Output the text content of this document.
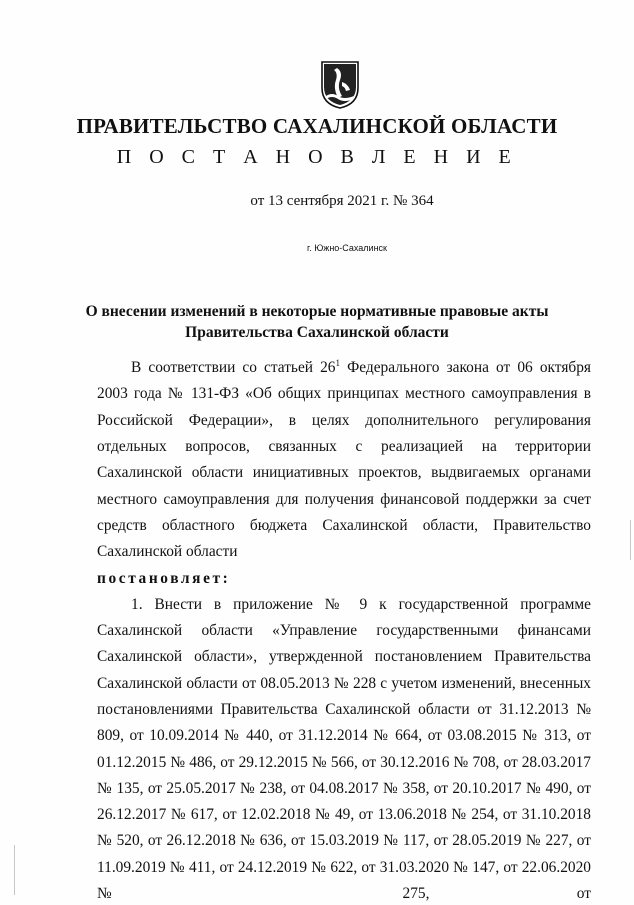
ПРАВИТЕЛЬСТВО САХАЛИНСКОЙ ОБЛАСТИ
П О С Т А Н О В Л Е Н И Е
от 13 сентября 2021 г. № 364
г. Южно-Сахалинск
О внесении изменений в некоторые нормативные правовые акты
Правительства Сахалинской области

В соответствии со статьей $26^1$ Федерального закона от 06 октября 2003 года № 131-ФЗ «Об общих принципах местного самоуправления в Российской Федерации», в целях дополнительного регулирования отдельных вопросов, связанных с реализацией на территории Сахалинской области инициативных проектов, выдвигаемых органами местного самоуправления для получения финансовой поддержки за счет средств областного бюджета Сахалинской области, Правительство Сахалинской области

постановляет:

1. Внести в приложение № 9 к государственной программе Сахалинской области «Управление государственными финансами Сахалинской области», утвержденной постановлением Правительства Сахалинской области от 08.05.2013 № 228 с учетом изменений, внесенных постановлениями Правительства Сахалинской области от 31.12.2013 № 809, от 10.09.2014 № 440, от 31.12.2014 № 664, от 03.08.2015 № 313, от 01.12.2015 № 486, от 29.12.2015 № 566, от 30.12.2016 № 708, от 28.03.2017 № 135, от 25.05.2017 № 238, от 04.08.2017 № 358, от 20.10.2017 № 490, от 26.12.2017 № 617, от 12.02.2018 № 49, от 13.06.2018 № 254, от 31.10.2018 № 520, от 26.12.2018 № 636, от 15.03.2019 № 117, от 28.05.2019 № 227, от 11.09.2019 № 411, от 24.12.2019 № 622, от 31.03.2020 № 147, от 22.06.2020 № 275, от
